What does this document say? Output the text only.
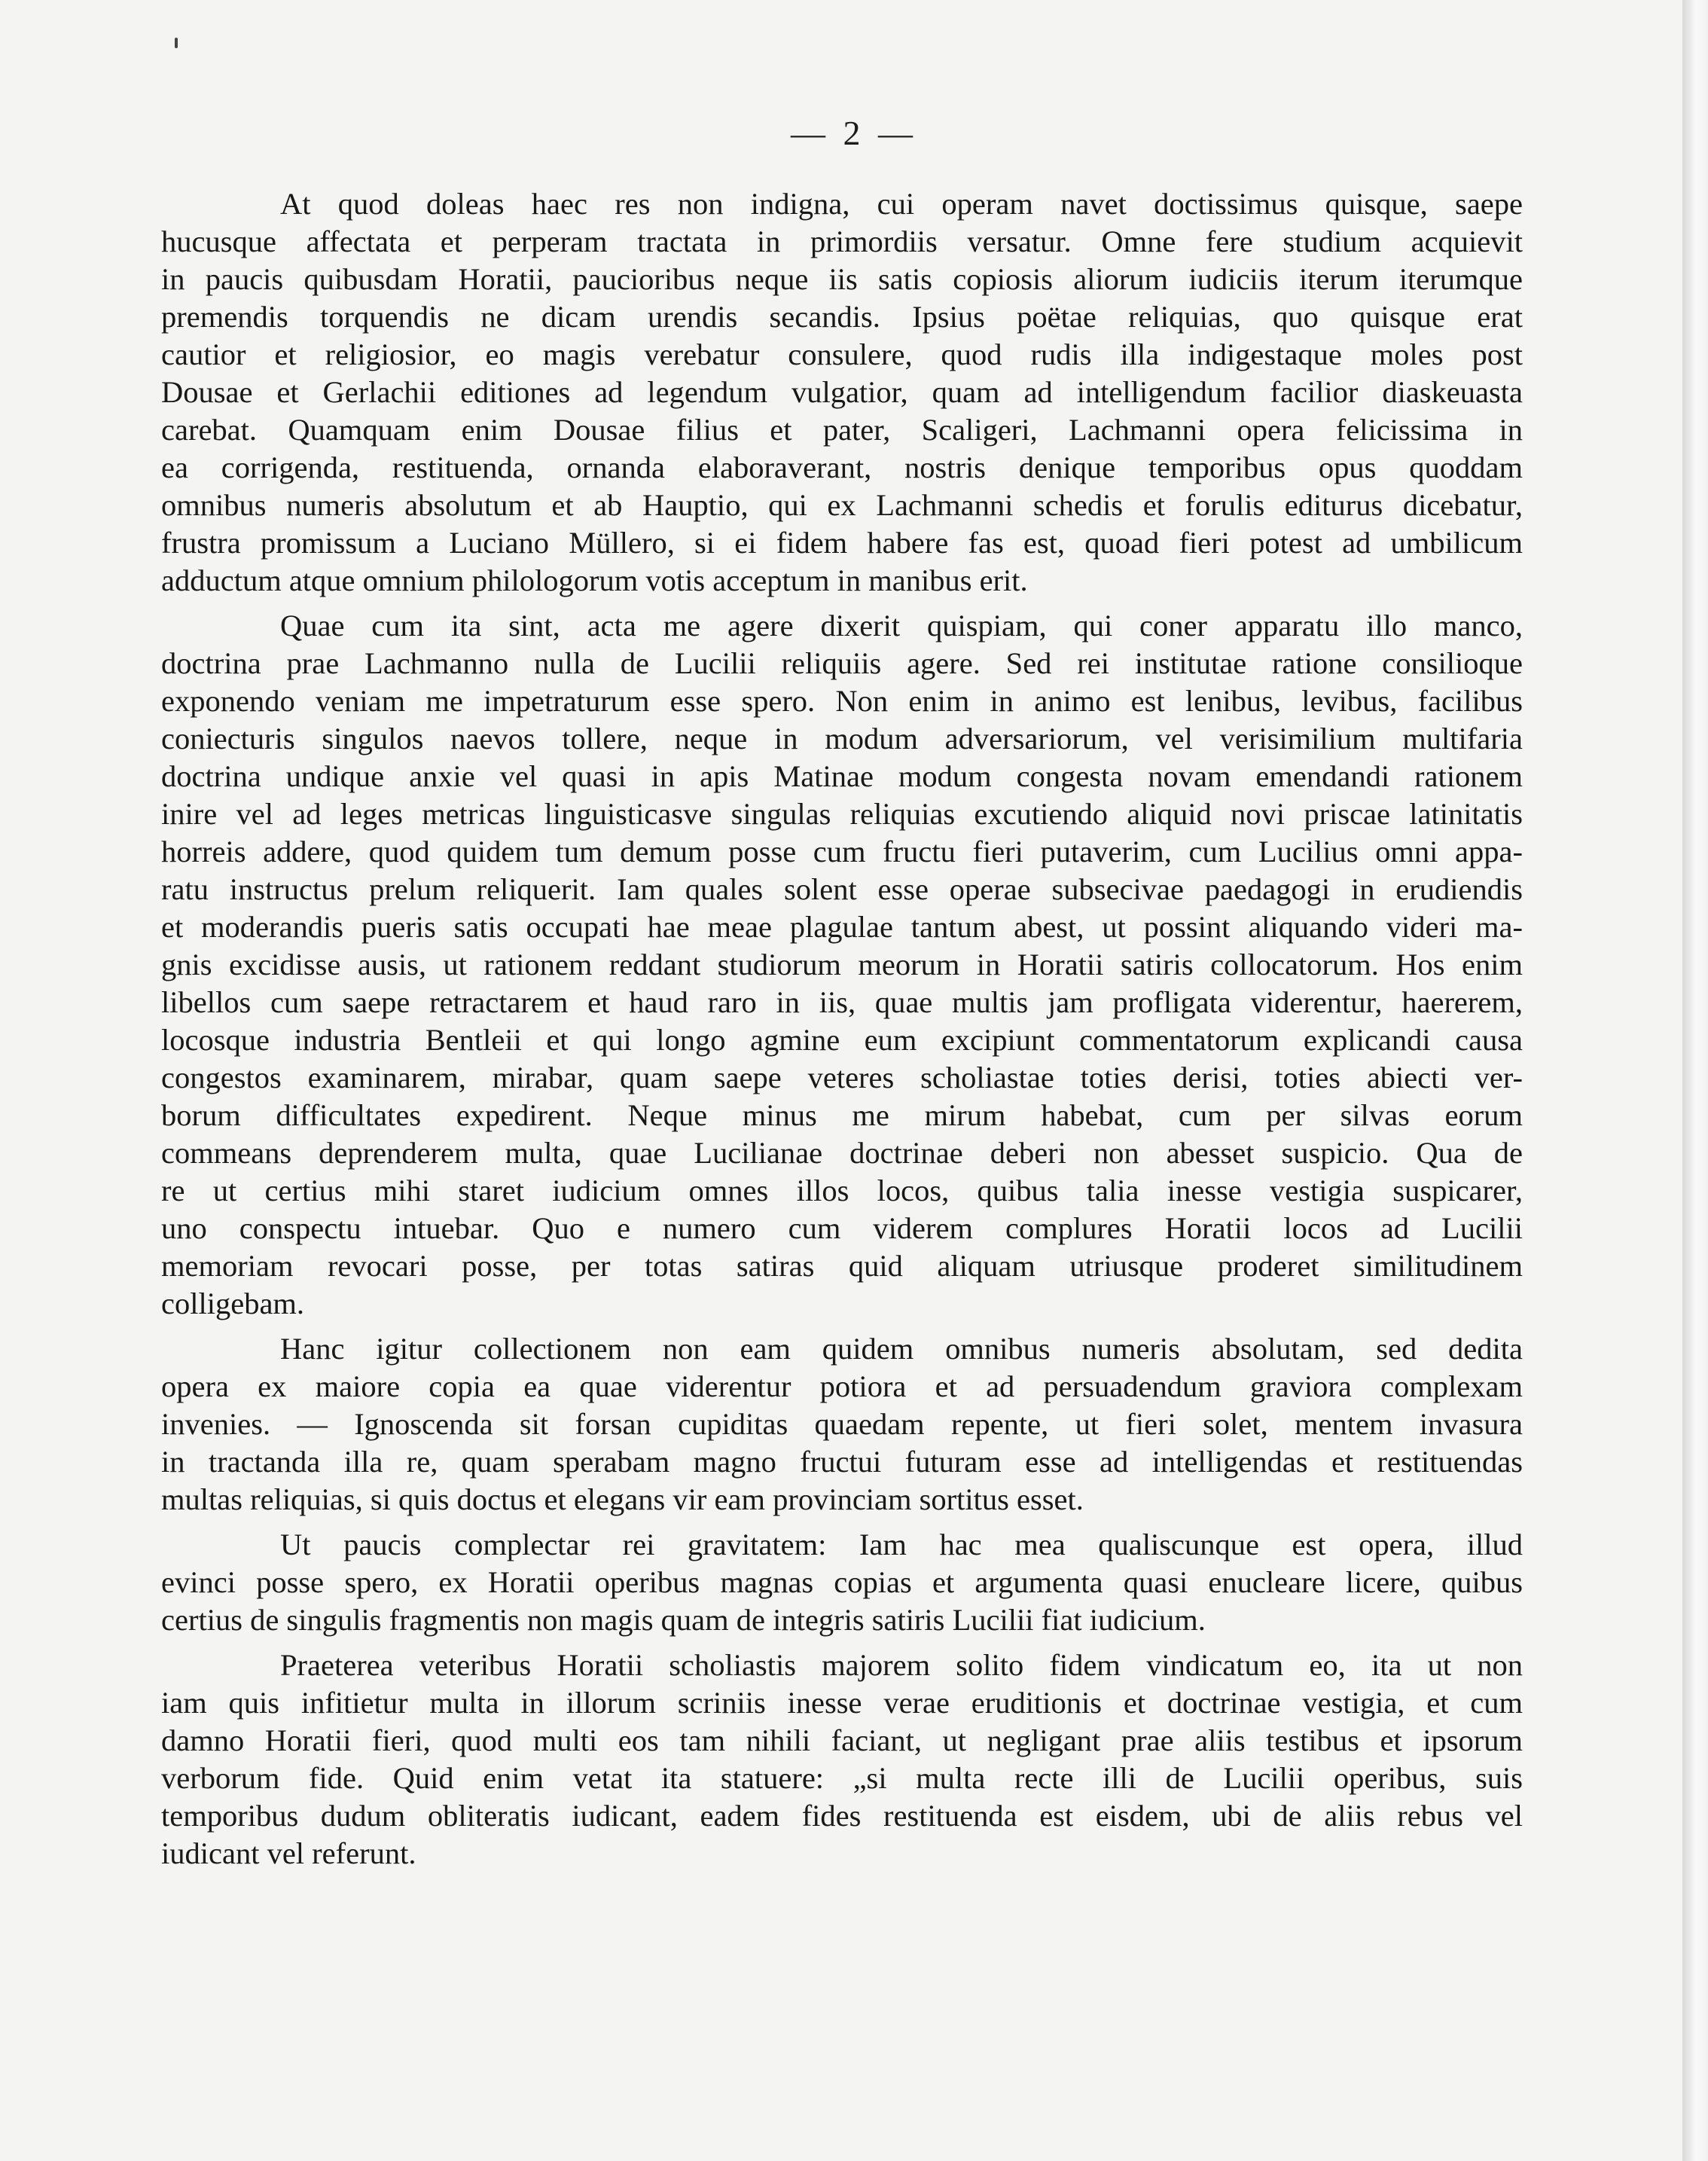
— 2 —
At quod doleas haec res non indigna, cui operam navet doctissimus quisque, saepe
hucusque affectata et perperam tractata in primordiis versatur. Omne fere studium acquievit
in paucis quibusdam Horatii, paucioribus neque iis satis copiosis aliorum iudiciis iterum iterumque
premendis torquendis ne dicam urendis secandis. Ipsius poëtae reliquias, quo quisque erat
cautior et religiosior, eo magis verebatur consulere, quod rudis illa indigestaque moles post
Dousae et Gerlachii editiones ad legendum vulgatior, quam ad intelligendum facilior diaskeuasta
carebat. Quamquam enim Dousae filius et pater, Scaligeri, Lachmanni opera felicissima in
ea corrigenda, restituenda, ornanda elaboraverant, nostris denique temporibus opus quoddam
omnibus numeris absolutum et ab Hauptio, qui ex Lachmanni schedis et forulis editurus dicebatur,
frustra promissum a Luciano Müllero, si ei fidem habere fas est, quoad fieri potest ad umbilicum
adductum atque omnium philologorum votis acceptum in manibus erit.
Quae cum ita sint, acta me agere dixerit quispiam, qui coner apparatu illo manco,
doctrina prae Lachmanno nulla de Lucilii reliquiis agere. Sed rei institutae ratione consilioque
exponendo veniam me impetraturum esse spero. Non enim in animo est lenibus, levibus, facilibus
coniecturis singulos naevos tollere, neque in modum adversariorum, vel verisimilium multifaria
doctrina undique anxie vel quasi in apis Matinae modum congesta novam emendandi rationem
inire vel ad leges metricas linguisticasve singulas reliquias excutiendo aliquid novi priscae latinitatis
horreis addere, quod quidem tum demum posse cum fructu fieri putaverim, cum Lucilius omni appa-
ratu instructus prelum reliquerit. Iam quales solent esse operae subsecivae paedagogi in erudiendis
et moderandis pueris satis occupati hae meae plagulae tantum abest, ut possint aliquando videri ma-
gnis excidisse ausis, ut rationem reddant studiorum meorum in Horatii satiris collocatorum. Hos enim
libellos cum saepe retractarem et haud raro in iis, quae multis jam profligata viderentur, haererem,
locosque industria Bentleii et qui longo agmine eum excipiunt commentatorum explicandi causa
congestos examinarem, mirabar, quam saepe veteres scholiastae toties derisi, toties abiecti ver-
borum difficultates expedirent. Neque minus me mirum habebat, cum per silvas eorum
commeans deprenderem multa, quae Lucilianae doctrinae deberi non abesset suspicio. Qua de
re ut certius mihi staret iudicium omnes illos locos, quibus talia inesse vestigia suspicarer,
uno conspectu intuebar. Quo e numero cum viderem complures Horatii locos ad Lucilii
memoriam revocari posse, per totas satiras quid aliquam utriusque proderet similitudinem
colligebam.
Hanc igitur collectionem non eam quidem omnibus numeris absolutam, sed dedita
opera ex maiore copia ea quae viderentur potiora et ad persuadendum graviora complexam
invenies. — Ignoscenda sit forsan cupiditas quaedam repente, ut fieri solet, mentem invasura
in tractanda illa re, quam sperabam magno fructui futuram esse ad intelligendas et restituendas
multas reliquias, si quis doctus et elegans vir eam provinciam sortitus esset.
Ut paucis complectar rei gravitatem: Iam hac mea qualiscunque est opera, illud
evinci posse spero, ex Horatii operibus magnas copias et argumenta quasi enucleare licere, quibus
certius de singulis fragmentis non magis quam de integris satiris Lucilii fiat iudicium.
Praeterea veteribus Horatii scholiastis majorem solito fidem vindicatum eo, ita ut non
iam quis infitietur multa in illorum scriniis inesse verae eruditionis et doctrinae vestigia, et cum
damno Horatii fieri, quod multi eos tam nihili faciant, ut negligant prae aliis testibus et ipsorum
verborum fide. Quid enim vetat ita statuere: „si multa recte illi de Lucilii operibus, suis
temporibus dudum obliteratis iudicant, eadem fides restituenda est eisdem, ubi de aliis rebus vel
iudicant vel referunt.
